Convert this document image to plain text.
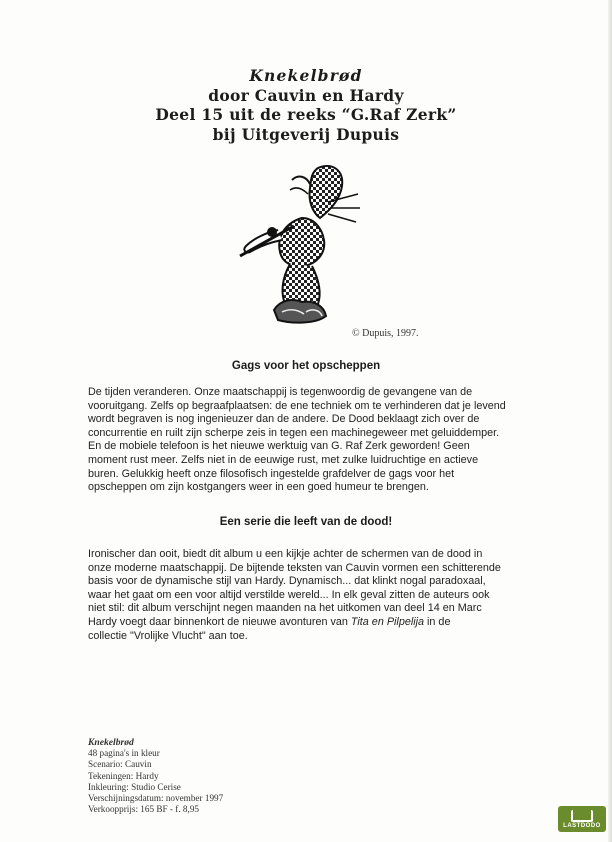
Knekelbrød
door Cauvin en Hardy
Deel 15 uit de reeks “G.Raf Zerk”
bij Uitgeverij Dupuis
© Dupuis, 1997.
Gags voor het opscheppen
De tijden veranderen. Onze maatschappij is tegenwoordig de gevangene van de
vooruitgang. Zelfs op begraafplaatsen: de ene techniek om te verhinderen dat je levend
wordt begraven is nog ingenieuzer dan de andere. De Dood beklaagt zich over de
concurrentie en ruilt zijn scherpe zeis in tegen een machinegeweer met geluiddemper.
En de mobiele telefoon is het nieuwe werktuig van G. Raf Zerk geworden! Geen
moment rust meer. Zelfs niet in de eeuwige rust, met zulke luidruchtige en actieve
buren. Gelukkig heeft onze filosofisch ingestelde grafdelver de gags voor het
opscheppen om zijn kostgangers weer in een goed humeur te brengen.
Een serie die leeft van de dood!
Ironischer dan ooit, biedt dit album u een kijkje achter de schermen van de dood in
onze moderne maatschappij. De bijtende teksten van Cauvin vormen een schitterende
basis voor de dynamische stijl van Hardy. Dynamisch... dat klinkt nogal paradoxaal,
waar het gaat om een voor altijd verstilde wereld... In elk geval zitten de auteurs ook
niet stil: dit album verschijnt negen maanden na het uitkomen van deel 14 en Marc
Hardy voegt daar binnenkort de nieuwe avonturen van Tita en Pilpelija in de
collectie "Vrolijke Vlucht" aan toe.
Knekelbrød
48 pagina's in kleur
Scenario: Cauvin
Tekeningen: Hardy
Inkleuring: Studio Cerise
Verschijningsdatum: november 1997
Verkoopprijs: 165 BF - f. 8,95
LASTDODO
